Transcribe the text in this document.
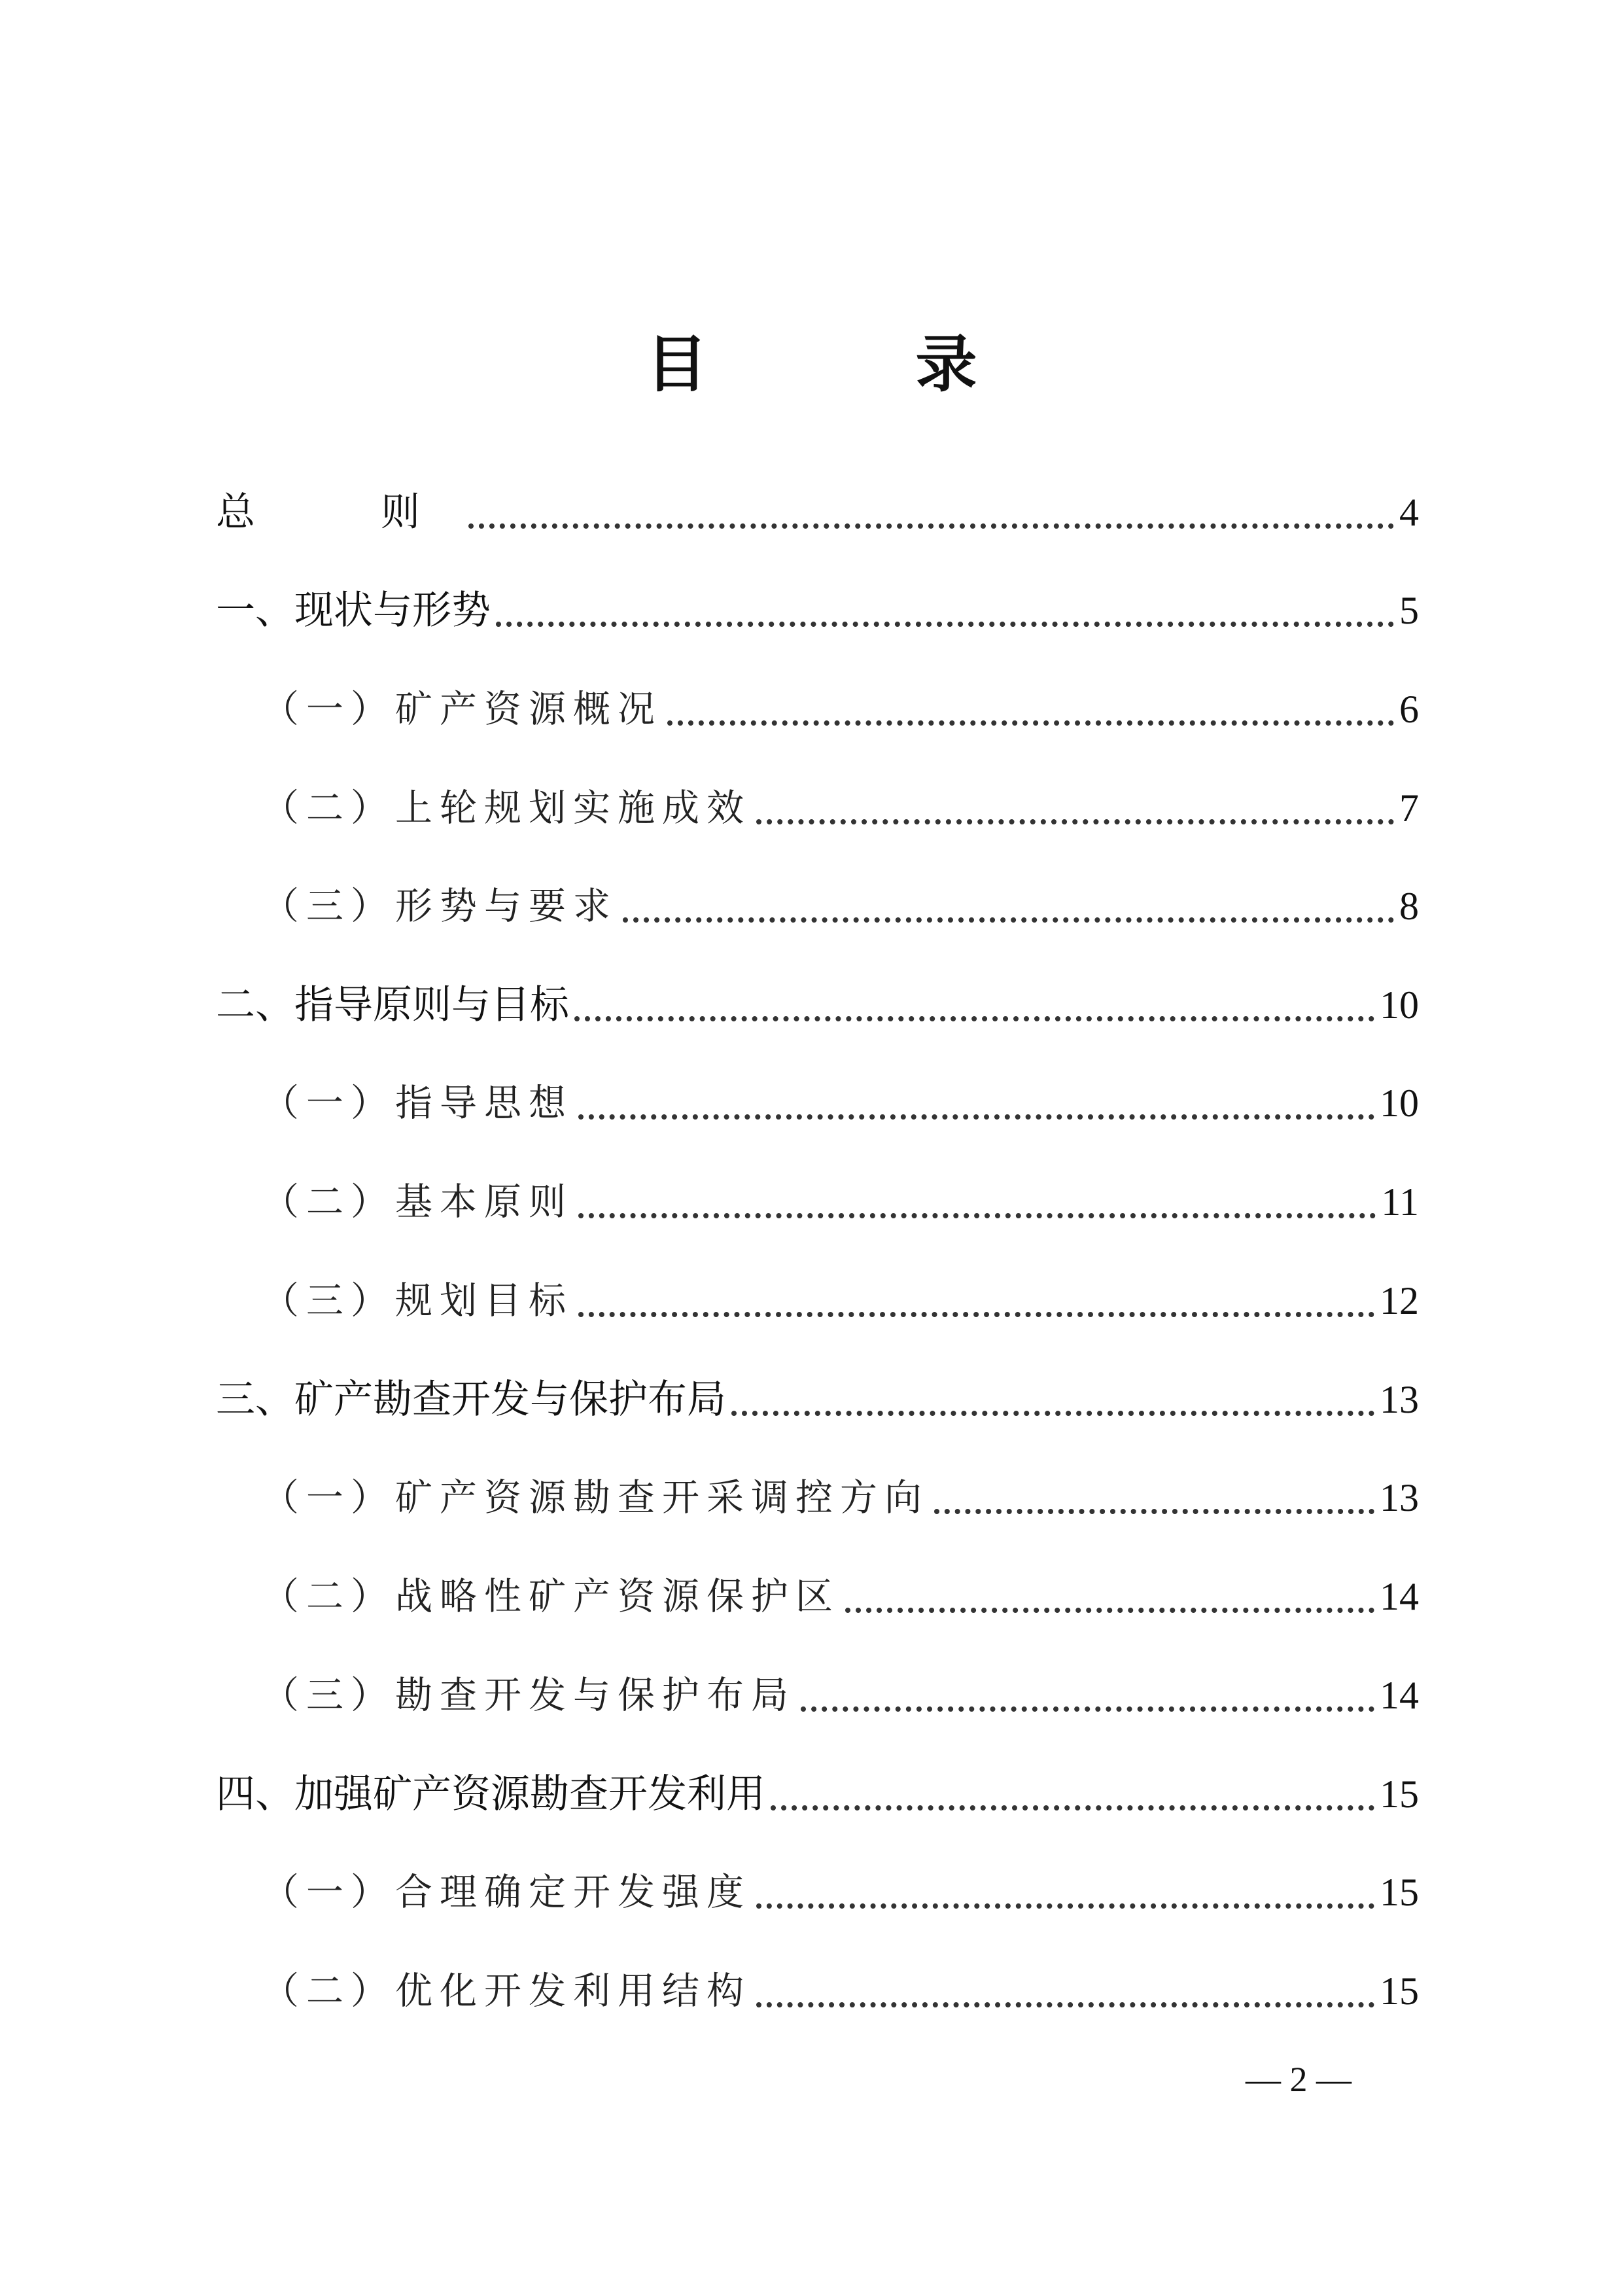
目　录
总　则	4
一、现状与形势	5
（一）矿产资源概况	6
（二）上轮规划实施成效	7
（三）形势与要求	8
二、指导原则与目标	10
（一）指导思想	10
（二）基本原则	11
（三）规划目标	12
三、矿产勘查开发与保护布局	13
（一）矿产资源勘查开采调控方向	13
（二）战略性矿产资源保护区	14
（三）勘查开发与保护布局	14
四、加强矿产资源勘查开发利用	15
（一）合理确定开发强度	15
（二）优化开发利用结构	15
— 2 —
